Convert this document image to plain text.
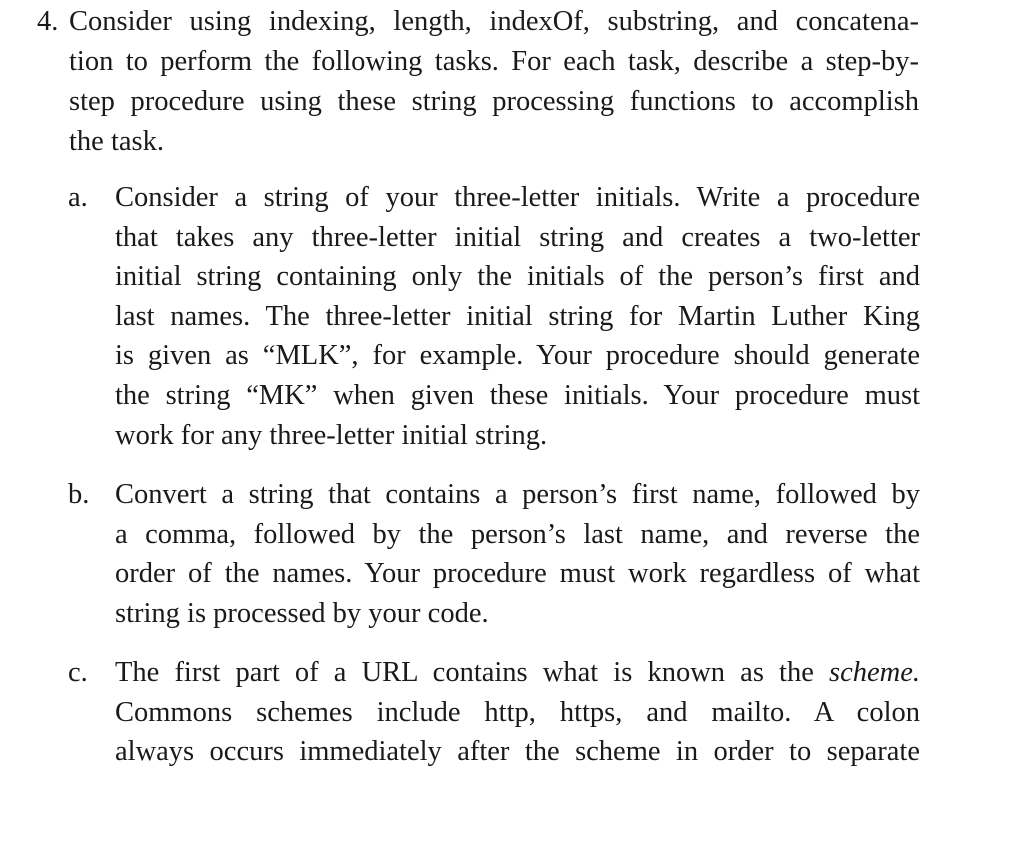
4. Consider using indexing, length, indexOf, substring, and concatena-
tion to perform the following tasks. For each task, describe a step-by-
step procedure using these string processing functions to accomplish
the task.
a. Consider a string of your three-letter initials. Write a procedure
that takes any three-letter initial string and creates a two-letter
initial string containing only the initials of the person’s first and
last names. The three-letter initial string for Martin Luther King
is given as “MLK”, for example. Your procedure should generate
the string “MK” when given these initials. Your procedure must
work for any three-letter initial string.
b. Convert a string that contains a person’s first name, followed by
a comma, followed by the person’s last name, and reverse the
order of the names. Your procedure must work regardless of what
string is processed by your code.
c. The first part of a URL contains what is known as the scheme.
Commons schemes include http, https, and mailto. A colon
always occurs immediately after the scheme in order to separate
